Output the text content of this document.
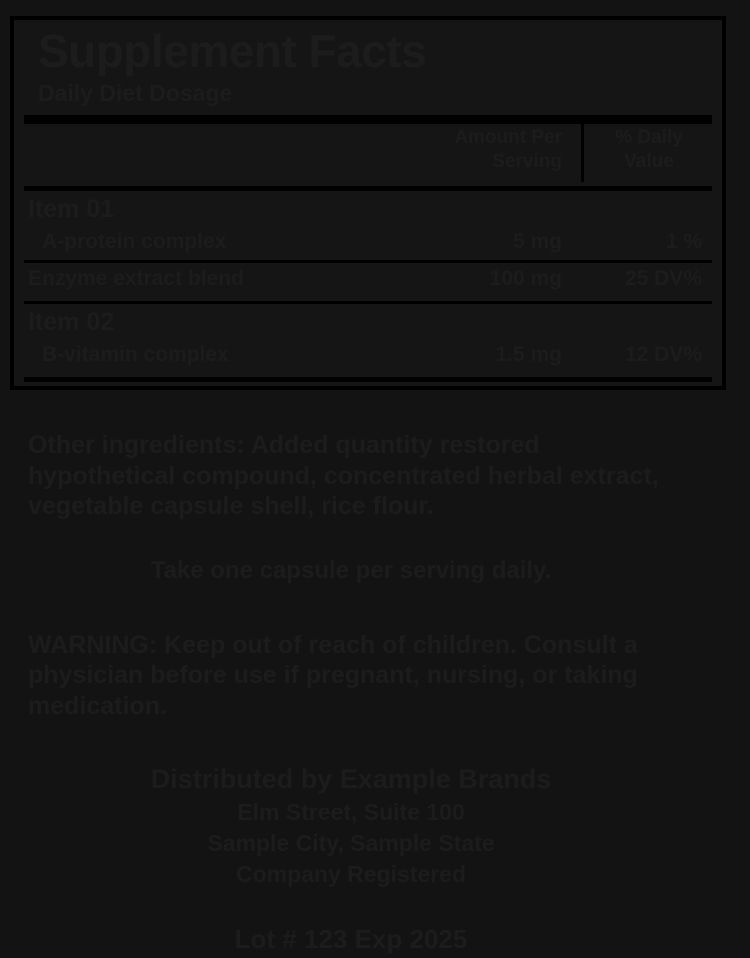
Supplement Facts
Daily Diet Dosage
Amount Per Serving
% Daily Value
Item 01
A-protein complex	5 mg	1 %
Enzyme extract blend	100 mg	25 DV%
Item 02
B-vitamin complex	1.5 mg	12 DV%
Other ingredients: Added quantity restored hypothetical compound, concentrated herbal extract, vegetable capsule shell, rice flour.
Take one capsule per serving daily.
WARNING: Keep out of reach of children. Consult a physician before use if pregnant, nursing, or taking medication.
Distributed by Example Brands
Elm Street, Suite 100
Sample City, Sample State
Company Registered
Lot # 123 Exp 2025
